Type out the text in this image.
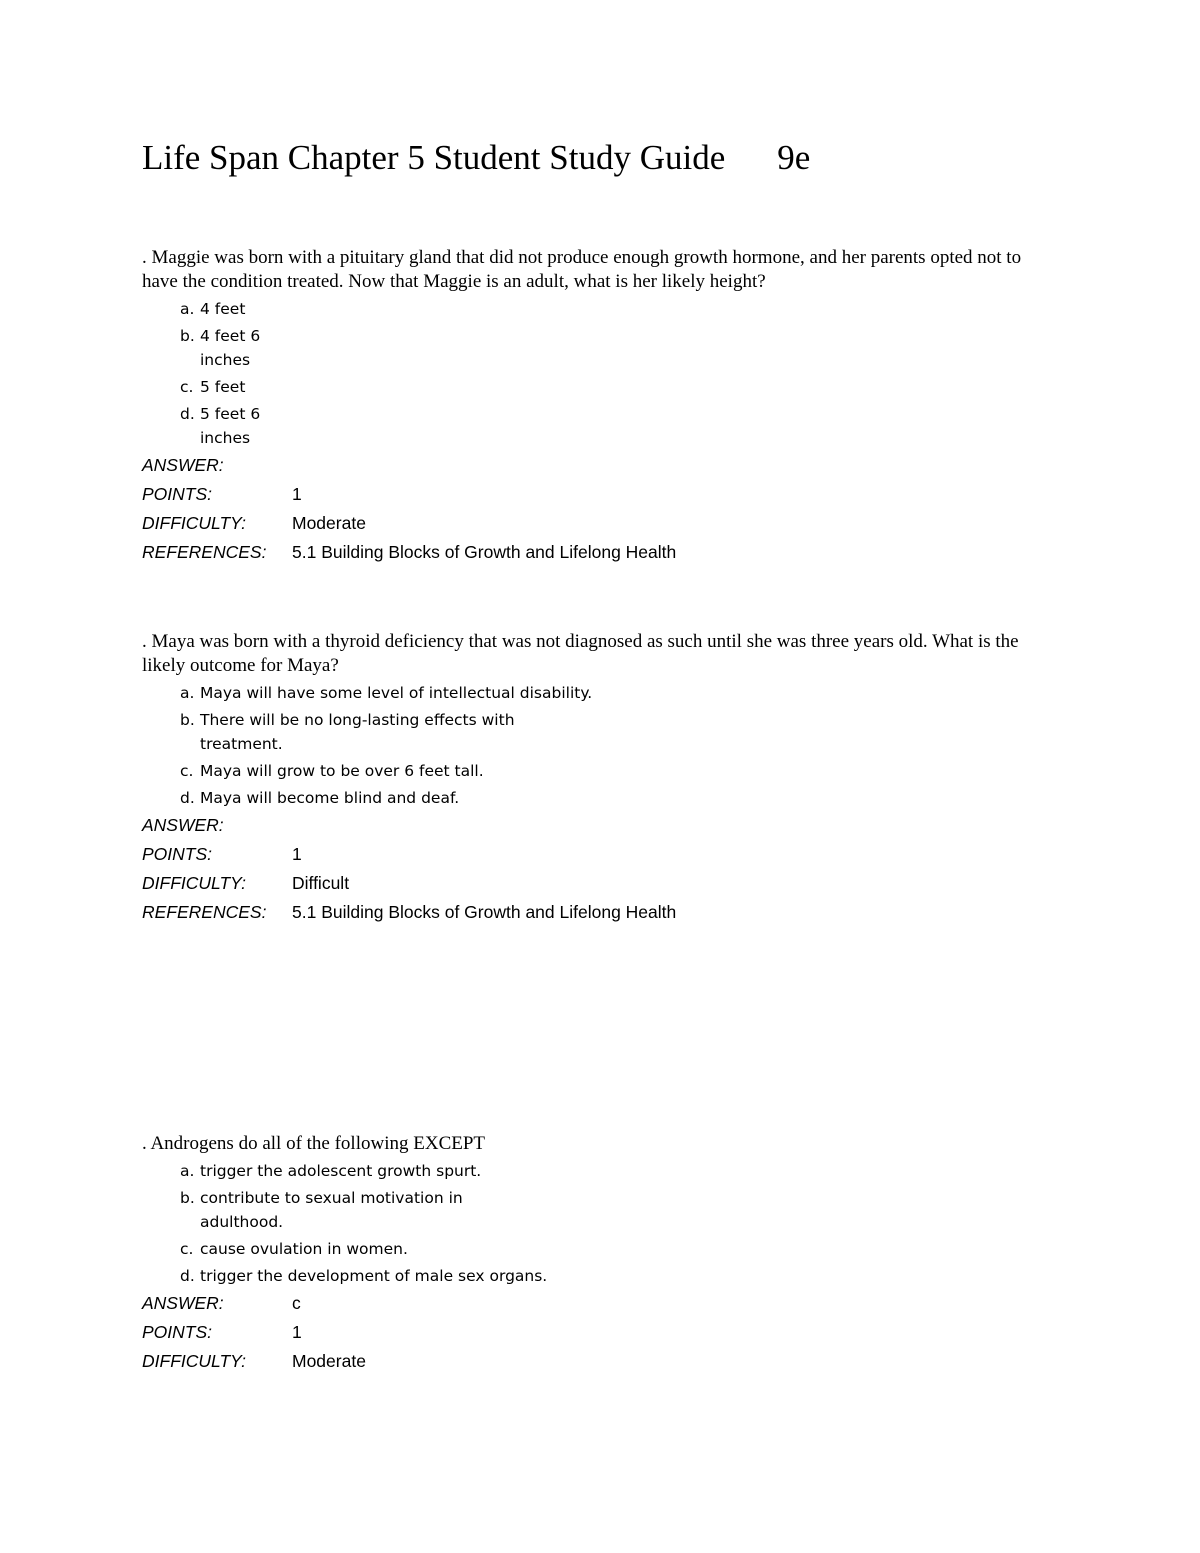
Life Span Chapter 5 Student Study Guide 9e

. Maggie was born with a pituitary gland that did not produce enough growth hormone, and her parents opted not to have the condition treated. Now that Maggie is an adult, what is her likely height?

a. 4 feet
b. 4 feet 6 inches
c. 5 feet
d. 5 feet 6 inches
ANSWER:
POINTS:	1
DIFFICULTY:	Moderate
REFERENCES:	5.1 Building Blocks of Growth and Lifelong Health

. Maya was born with a thyroid deficiency that was not diagnosed as such until she was three years old. What is the likely outcome for Maya?

a. Maya will have some level of intellectual disability.
b. There will be no long-lasting effects with treatment.
c. Maya will grow to be over 6 feet tall.
d. Maya will become blind and deaf.
ANSWER:
POINTS:	1
DIFFICULTY:	Difficult
REFERENCES:	5.1 Building Blocks of Growth and Lifelong Health

. Androgens do all of the following EXCEPT

a. trigger the adolescent growth spurt.
b. contribute to sexual motivation in adulthood.
c. cause ovulation in women.
d. trigger the development of male sex organs.
ANSWER:	c
POINTS:	1
DIFFICULTY:	Moderate
